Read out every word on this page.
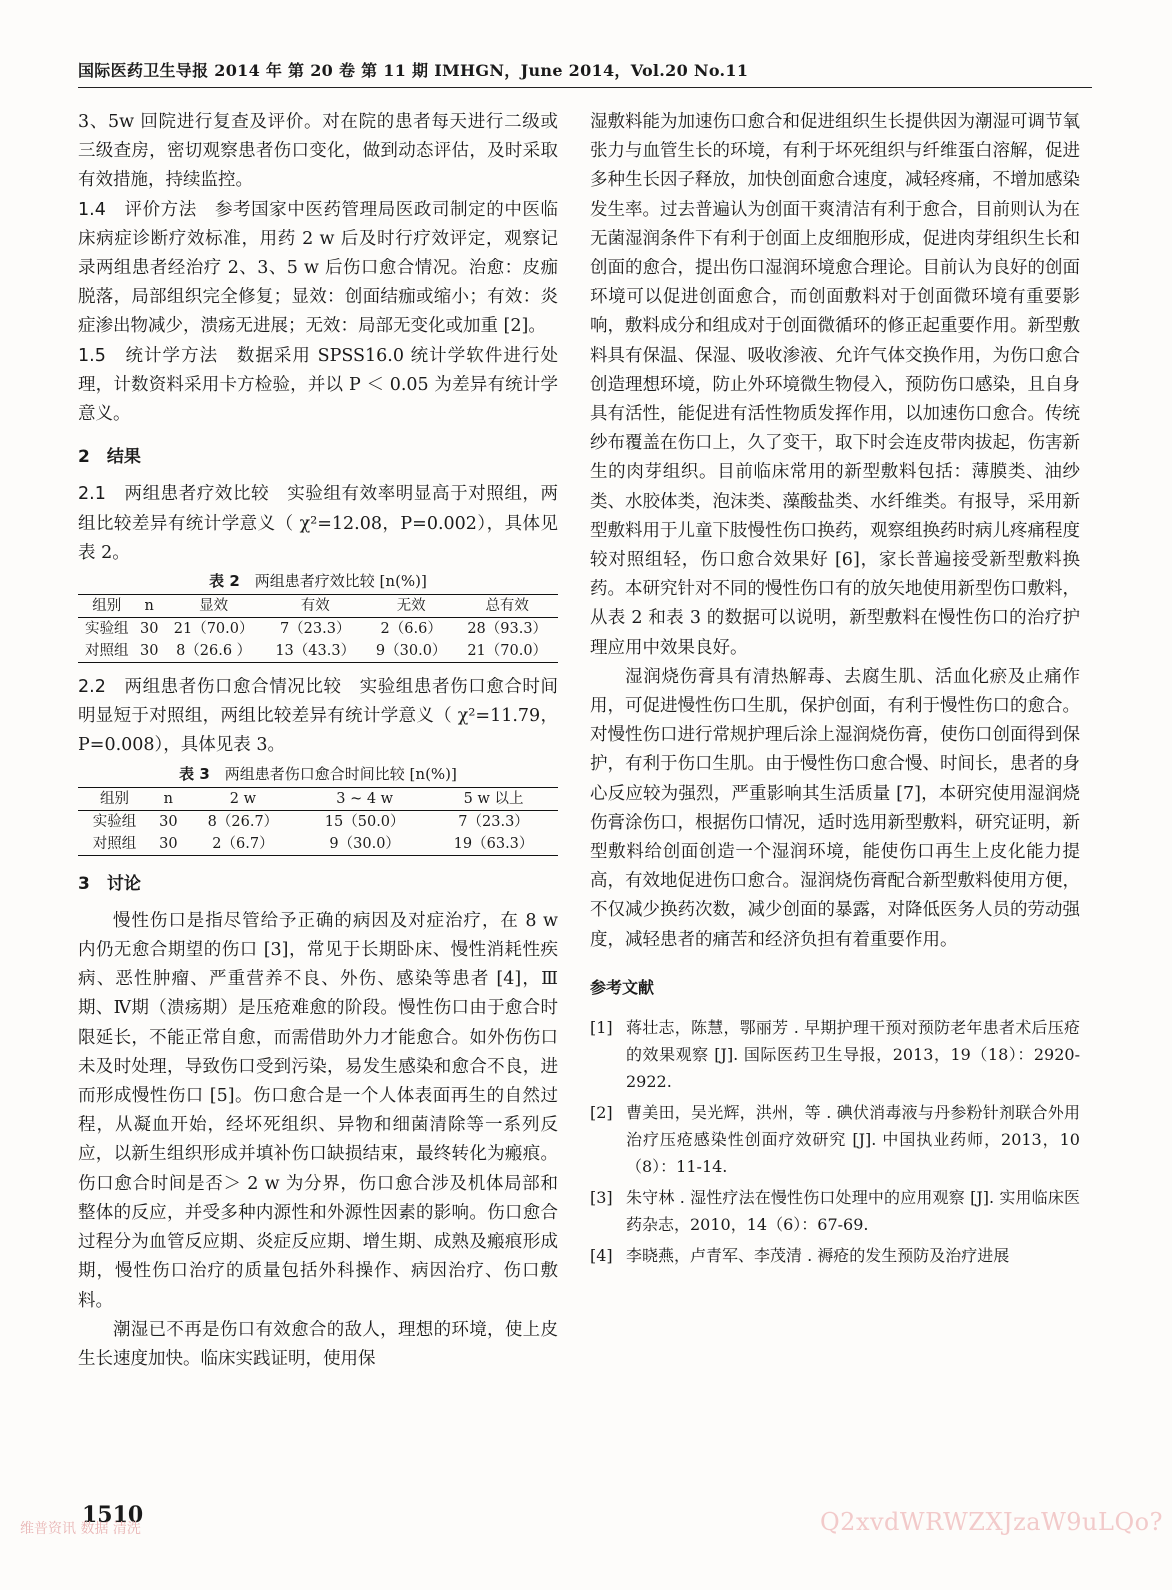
国际医药卫生导报 2014 年 第 20 卷 第 11 期 IMHGN，June 2014，Vol.20 No.11

3、5w 回院进行复查及评价。对在院的患者每天进行二级或三级查房，密切观察患者伤口变化，做到动态评估，及时采取有效措施，持续监控。

1.4　评价方法　参考国家中医药管理局医政司制定的中医临床病症诊断疗效标准，用药 2 w 后及时行疗效评定，观察记录两组患者经治疗 2、3、5 w 后伤口愈合情况。治愈：皮痂脱落，局部组织完全修复；显效：创面结痂或缩小；有效：炎症渗出物减少，溃疡无进展；无效：局部无变化或加重 [2]。

1.5　统计学方法　数据采用 SPSS16.0 统计学软件进行处理，计数资料采用卡方检验，并以 P ＜ 0.05 为差异有统计学意义。

2　结果

2.1　两组患者疗效比较　实验组有效率明显高于对照组，两组比较差异有统计学意义（ χ²=12.08，P=0.002），具体见表 2。

表 2　两组患者疗效比较 [n(%)]
组别	n	显效	有效	无效	总有效
实验组	30	21（70.0）	7（23.3）	2（6.6）	28（93.3）
对照组	30	8（26.6 ）	13（43.3）	9（30.0）	21（70.0）

2.2　两组患者伤口愈合情况比较　实验组患者伤口愈合时间明显短于对照组，两组比较差异有统计学意义（ χ²=11.79，P=0.008），具体见表 3。

表 3　两组患者伤口愈合时间比较 [n(%)]
组别	n	2 w	3 ~ 4 w	5 w 以上
实验组	30	8（26.7）	15（50.0）	7（23.3）
对照组	30	2（6.7）	9（30.0）	19（63.3）
3　讨论

慢性伤口是指尽管给予正确的病因及对症治疗，在 8 w 内仍无愈合期望的伤口 [3]，常见于长期卧床、慢性消耗性疾病、恶性肿瘤、严重营养不良、外伤、感染等患者 [4]，Ⅲ期、Ⅳ期（溃疡期）是压疮难愈的阶段。慢性伤口由于愈合时限延长，不能正常自愈，而需借助外力才能愈合。如外伤伤口未及时处理，导致伤口受到污染，易发生感染和愈合不良，进而形成慢性伤口 [5]。伤口愈合是一个人体表面再生的自然过程，从凝血开始，经坏死组织、异物和细菌清除等一系列反应，以新生组织形成并填补伤口缺损结束，最终转化为瘢痕。伤口愈合时间是否＞ 2 w 为分界，伤口愈合涉及机体局部和整体的反应，并受多种内源性和外源性因素的影响。伤口愈合过程分为血管反应期、炎症反应期、增生期、成熟及瘢痕形成期，慢性伤口治疗的质量包括外科操作、病因治疗、伤口敷料。

潮湿已不再是伤口有效愈合的敌人，理想的环境，使上皮生长速度加快。临床实践证明，使用保

湿敷料能为加速伤口愈合和促进组织生长提供因为潮湿可调节氧张力与血管生长的环境，有利于坏死组织与纤维蛋白溶解，促进多种生长因子释放，加快创面愈合速度，减轻疼痛，不增加感染发生率。过去普遍认为创面干爽清洁有利于愈合，目前则认为在无菌湿润条件下有利于创面上皮细胞形成，促进肉芽组织生长和创面的愈合，提出伤口湿润环境愈合理论。目前认为良好的创面环境可以促进创面愈合，而创面敷料对于创面微环境有重要影响，敷料成分和组成对于创面微循环的修正起重要作用。新型敷料具有保温、保湿、吸收渗液、允许气体交换作用，为伤口愈合创造理想环境，防止外环境微生物侵入，预防伤口感染，且自身具有活性，能促进有活性物质发挥作用，以加速伤口愈合。传统纱布覆盖在伤口上，久了变干，取下时会连皮带肉拔起，伤害新生的肉芽组织。目前临床常用的新型敷料包括：薄膜类、油纱类、水胶体类，泡沫类、藻酸盐类、水纤维类。有报导，采用新型敷料用于儿童下肢慢性伤口换药，观察组换药时病儿疼痛程度较对照组轻，伤口愈合效果好 [6]，家长普遍接受新型敷料换药。本研究针对不同的慢性伤口有的放矢地使用新型伤口敷料，从表 2 和表 3 的数据可以说明，新型敷料在慢性伤口的治疗护理应用中效果良好。

湿润烧伤膏具有清热解毒、去腐生肌、活血化瘀及止痛作用，可促进慢性伤口生肌，保护创面，有利于慢性伤口的愈合。对慢性伤口进行常规护理后涂上湿润烧伤膏，使伤口创面得到保护，有利于伤口生肌。由于慢性伤口愈合慢、时间长，患者的身心反应较为强烈，严重影响其生活质量 [7]，本研究使用湿润烧伤膏涂伤口，根据伤口情况，适时选用新型敷料，研究证明，新型敷料给创面创造一个湿润环境，能使伤口再生上皮化能力提高，有效地促进伤口愈合。湿润烧伤膏配合新型敷料使用方便，不仅减少换药次数，减少创面的暴露，对降低医务人员的劳动强度，减轻患者的痛苦和经济负担有着重要作用。

参考文献
[1] 蒋壮志，陈慧，鄂丽芳 . 早期护理干预对预防老年患者术后压疮的效果观察 [J]. 国际医药卫生导报，2013，19（18）：2920-2922.
[2] 曹美田，吴光辉，洪州，等 . 碘伏消毒液与丹参粉针剂联合外用治疗压疮感染性创面疗效研究 [J]. 中国执业药师，2013，10（8）：11-14.
[3] 朱守林 . 湿性疗法在慢性伤口处理中的应用观察 [J]. 实用临床医药杂志，2010，14（6）：67-69.
[4] 李晓燕，卢青军、李茂清 . 褥疮的发生预防及治疗进展
1510
维普资讯 数据 清洗	Q2xvdWRWZXJzaW9uLQo?
